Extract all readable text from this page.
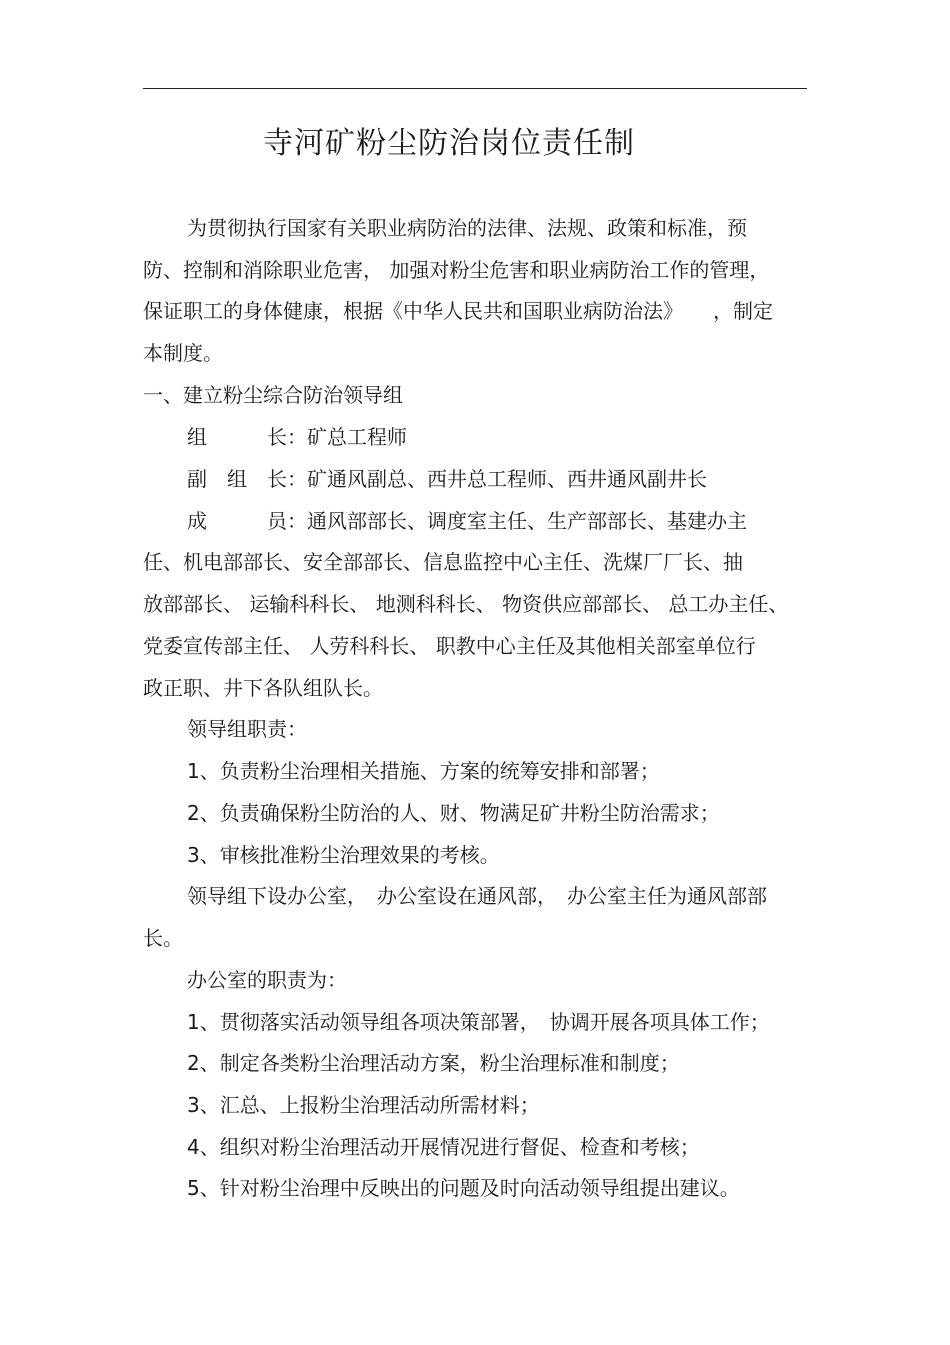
寺河矿粉尘防治岗位责任制
为贯彻执行国家有关职业病防治的法律、法规、政策和标准，预
防、控制和消除职业危害， 加强对粉尘危害和职业病防治工作的管理，
保证职工的身体健康，根据《中华人民共和国职业病防治法》　　，制定
本制度。
一、建立粉尘综合防治领导组
组　　　长：矿总工程师
副　组　长：矿通风副总、西井总工程师、西井通风副井长
成　　　员：通风部部长、调度室主任、生产部部长、基建办主
任、机电部部长、安全部部长、信息监控中心主任、洗煤厂厂长、抽
放部部长、 运输科科长、 地测科科长、 物资供应部部长、 总工办主任、
党委宣传部主任、 人劳科科长、 职教中心主任及其他相关部室单位行
政正职、井下各队组队长。
领导组职责：
1、负责粉尘治理相关措施、方案的统筹安排和部署；
2、负责确保粉尘防治的人、财、物满足矿井粉尘防治需求；
3、审核批准粉尘治理效果的考核。
领导组下设办公室，　办公室设在通风部，　办公室主任为通风部部
长。
办公室的职责为：
1、贯彻落实活动领导组各项决策部署，　协调开展各项具体工作；
2、制定各类粉尘治理活动方案，粉尘治理标准和制度；
3、汇总、上报粉尘治理活动所需材料；
4、组织对粉尘治理活动开展情况进行督促、检查和考核；
5、针对粉尘治理中反映出的问题及时向活动领导组提出建议。
